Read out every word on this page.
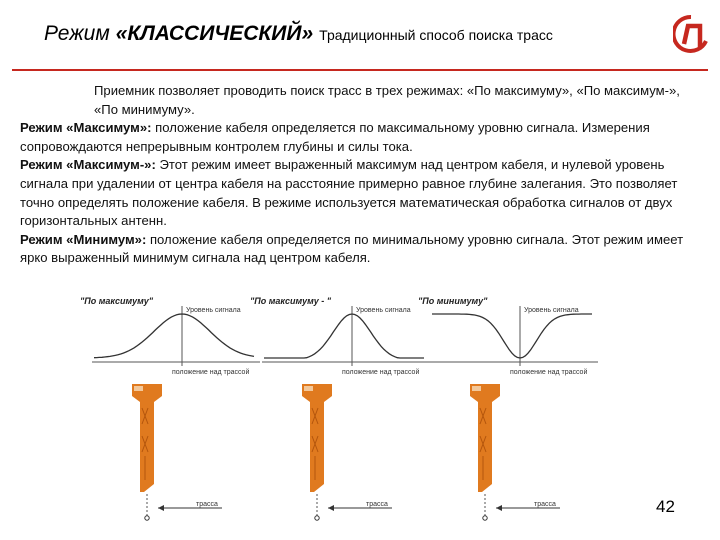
Режим «КЛАССИЧЕСКИЙ» Традиционный способ поиска трасс

Приемник позволяет проводить поиск трасс в трех режимах: «По максимуму», «По максимум-», «По минимуму».

Режим «Максимум»: положение кабеля определяется по максимальному уровню сигнала. Измерения сопровождаются непрерывным контролем глубины и силы тока.

Режим «Максимум-»: Этот режим имеет выраженный максимум над центром кабеля, и нулевой уровень сигнала при удалении от центра кабеля на расстояние примерно равное глубине залегания. Это позволяет точно определять положение кабеля. В режиме используется математическая обработка сигналов от двух горизонтальных антенн.

Режим «Минимум»: положение кабеля определяется по минимальному уровню сигнала. Этот режим имеет ярко выраженный минимум сигнала над центром кабеля.

"По максимуму"
Уровень сигнала
положение над трассой
трасса
"По максимуму - "
Уровень сигнала
положение над трассой
трасса
"По минимуму"
Уровень сигнала
положение над трассой
трасса	42
